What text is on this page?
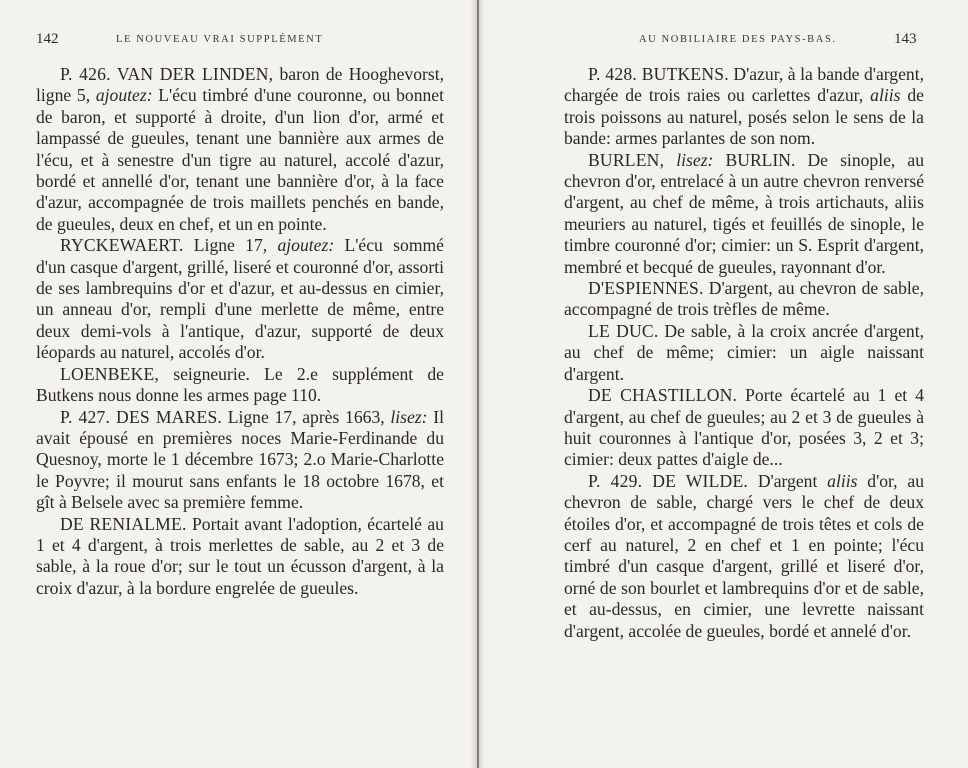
142	LE NOUVEAU VRAI SUPPLÉMENT

P. 426. VAN DER LINDEN, baron de Hooghevorst, ligne 5, ajoutez: L'écu timbré d'une couronne, ou bonnet de baron, et supporté à droite, d'un lion d'or, armé et lampassé de gueules, tenant une bannière aux armes de l'écu, et à senestre d'un tigre au naturel, accolé d'azur, bordé et annellé d'or, tenant une bannière d'or, à la face d'azur, accompagnée de trois maillets penchés en bande, de gueules, deux en chef, et un en pointe.

RYCKEWAERT. Ligne 17, ajoutez: L'écu sommé d'un casque d'argent, grillé, liseré et couronné d'or, assorti de ses lambrequins d'or et d'azur, et au-dessus en cimier, un anneau d'or, rempli d'une merlette de même, entre deux demi-vols à l'antique, d'azur, supporté de deux léopards au naturel, accolés d'or.

LOENBEKE, seigneurie. Le 2.e supplément de Butkens nous donne les armes page 110.

P. 427. DES MARES. Ligne 17, après 1663, lisez: Il avait épousé en premières noces Marie-Ferdinande du Quesnoy, morte le 1 décembre 1673; 2.o Marie-Charlotte le Poyvre; il mourut sans enfants le 18 octobre 1678, et gît à Belsele avec sa première femme.

DE RENIALME. Portait avant l'adoption, écartelé au 1 et 4 d'argent, à trois merlettes de sable, au 2 et 3 de sable, à la roue d'or; sur le tout un écusson d'argent, à la croix d'azur, à la bordure engrelée de gueules.

AU NOBILIAIRE DES PAYS-BAS.	143

P. 428. BUTKENS. D'azur, à la bande d'argent, chargée de trois raies ou carlettes d'azur, aliis de trois poissons au naturel, posés selon le sens de la bande: armes parlantes de son nom.

BURLEN, lisez: BURLIN. De sinople, au chevron d'or, entrelacé à un autre chevron renversé d'argent, au chef de même, à trois artichauts, aliis meuriers au naturel, tigés et feuillés de sinople, le timbre couronné d'or; cimier: un S. Esprit d'argent, membré et becqué de gueules, rayonnant d'or.

D'ESPIENNES. D'argent, au chevron de sable, accompagné de trois trèfles de même.

LE DUC. De sable, à la croix ancrée d'argent, au chef de même; cimier: un aigle naissant d'argent.

DE CHASTILLON. Porte écartelé au 1 et 4 d'argent, au chef de gueules; au 2 et 3 de gueules à huit couronnes à l'antique d'or, posées 3, 2 et 3; cimier: deux pattes d'aigle de...

P. 429. DE WILDE. D'argent aliis d'or, au chevron de sable, chargé vers le chef de deux étoiles d'or, et accompagné de trois têtes et cols de cerf au naturel, 2 en chef et 1 en pointe; l'écu timbré d'un casque d'argent, grillé et liseré d'or, orné de son bourlet et lambrequins d'or et de sable, et au-dessus, en cimier, une levrette naissant d'argent, accolée de gueules, bordé et annelé d'or.
